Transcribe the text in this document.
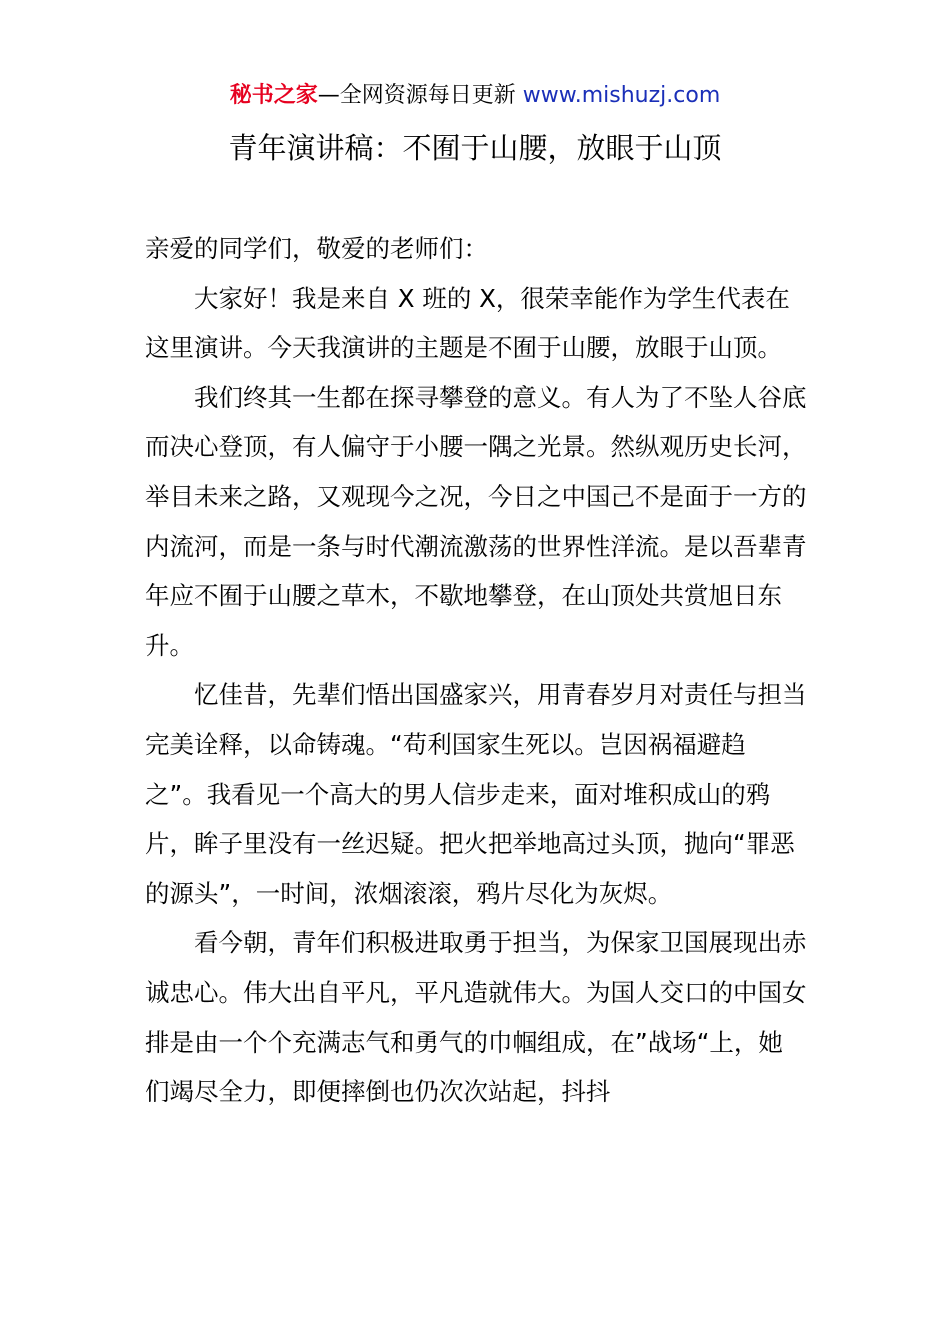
秘书之家—全网资源每日更新 www.mishuzj.com
青年演讲稿：不囿于山腰，放眼于山顶

亲爱的同学们，敬爱的老师们：

大家好！我是来自 X 班的 X，很荣幸能作为学生代表在这里演讲。今天我演讲的主题是不囿于山腰，放眼于山顶。

我们终其一生都在探寻攀登的意义。有人为了不坠人谷底而决心登顶，有人偏守于小腰一隅之光景。然纵观历史长河，举目未来之路，又观现今之况，今日之中国己不是面于一方的内流河，而是一条与时代潮流激荡的世界性洋流。是以吾辈青年应不囿于山腰之草木，不歇地攀登，在山顶处共赏旭日东升。

忆佳昔，先辈们悟出国盛家兴，用青春岁月对责任与担当完美诠释，以命铸魂。“苟利国家生死以。岂因祸福避趋之”。我看见一个高大的男人信步走来，面对堆积成山的鸦片，眸子里没有一丝迟疑。把火把举地高过头顶，抛向“罪恶的源头”，一时间，浓烟滚滚，鸦片尽化为灰烬。

看今朝，青年们积极进取勇于担当，为保家卫国展现出赤诚忠心。伟大出自平凡，平凡造就伟大。为国人交口的中国女排是由一个个充满志气和勇气的巾帼组成，在”战场“上，她们竭尽全力，即便摔倒也仍次次站起，抖抖
